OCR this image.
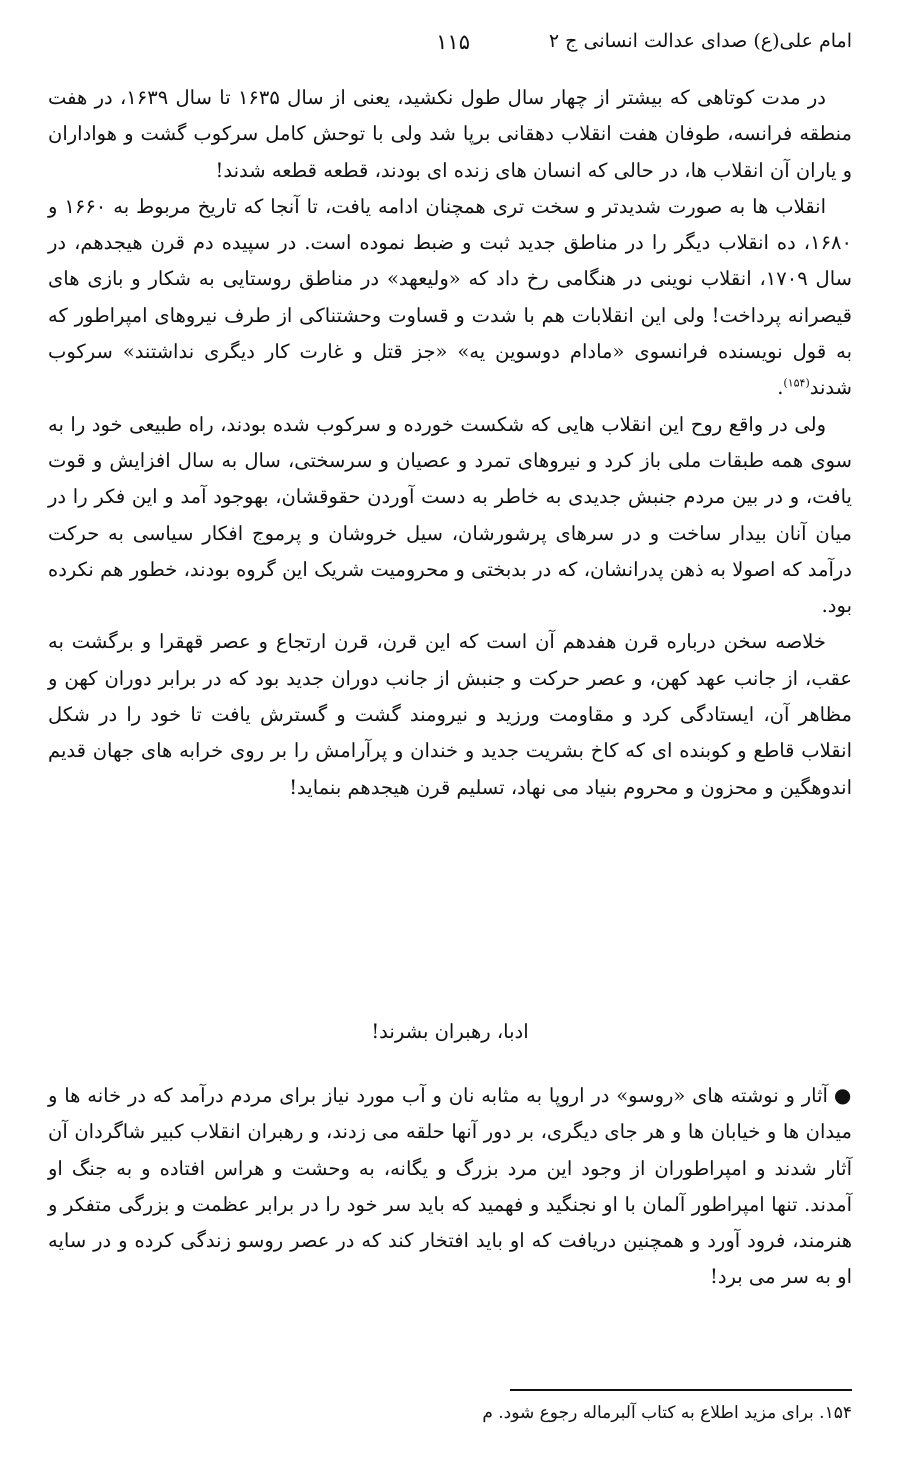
امام علی(ع) صدای عدالت انسانی ج ۲
۱۱۵

در مدت کوتاهی که بیشتر از چهار سال طول نکشید، یعنی از سال ۱۶۳۵ تا سال ۱۶۳۹، در هفت منطقه فرانسه، طوفان هفت انقلاب دهقانی برپا شد ولی با توحش کامل سرکوب گشت و هواداران و یاران آن انقلاب ها، در حالی که انسان های زنده ای بودند، قطعه قطعه شدند!

انقلاب ها به صورت شدیدتر و سخت تری همچنان ادامه یافت، تا آنجا که تاریخ مربوط به ۱۶۶۰ و ۱۶۸۰، ده انقلاب دیگر را در مناطق جدید ثبت و ضبط نموده است. در سپیده دم قرن هیجدهم، در سال ۱۷۰۹، انقلاب نوینی در هنگامی رخ داد که «ولیعهد» در مناطق روستایی به شکار و بازی های قیصرانه پرداخت! ولی این انقلابات هم با شدت و قساوت وحشتناکی از طرف نیروهای امپراطور که به قول نویسنده فرانسوی «مادام دوسوین یه» «جز قتل و غارت کار دیگری نداشتند» سرکوب شدند$^{(۱۵۴)}$.

ولی در واقع روح این انقلاب هایی که شکست خورده و سرکوب شده بودند، راه طبیعی خود را به سوی همه طبقات ملی باز کرد و نیروهای تمرد و عصیان و سرسختی، سال به سال افزایش و قوت یافت، و در بین مردم جنبش جدیدی به خاطر به دست آوردن حقوقشان، بهوجود آمد و این فکر را در میان آنان بیدار ساخت و در سرهای پرشورشان، سیل خروشان و پرموج افکار سیاسی به حرکت درآمد که اصولا به ذهن پدرانشان، که در بدبختی و محرومیت شریک این گروه بودند، خطور هم نکرده بود.

خلاصه سخن درباره قرن هفدهم آن است که این قرن، قرن ارتجاع و عصر قهقرا و برگشت به عقب، از جانب عهد کهن، و عصر حرکت و جنبش از جانب دوران جدید بود که در برابر دوران کهن و مظاهر آن، ایستادگی کرد و مقاومت ورزید و نیرومند گشت و گسترش یافت تا خود را در شکل انقلاب قاطع و کوبنده ای که کاخ بشریت جدید و خندان و پرآرامش را بر روی خرابه های جهان قدیم اندوهگین و محزون و محروم بنیاد می نهاد، تسلیم قرن هیجدهم بنماید!

ادبا، رهبران بشرند!

●آثار و نوشته های «روسو» در اروپا به مثابه نان و آب مورد نیاز برای مردم درآمد که در خانه ها و میدان ها و خیابان ها و هر جای دیگری، بر دور آنها حلقه می زدند، و رهبران انقلاب کبیر شاگردان آن آثار شدند و امپراطوران از وجود این مرد بزرگ و یگانه، به وحشت و هراس افتاده و به جنگ او آمدند. تنها امپراطور آلمان با او نجنگید و فهمید که باید سر خود را در برابر عظمت و بزرگی متفکر و هنرمند، فرود آورد و همچنین دریافت که او باید افتخار کند که در عصر روسو زندگی کرده و در سایه او به سر می برد!

۱۵۴. برای مزید اطلاع به کتاب آلبرماله رجوع شود. م
